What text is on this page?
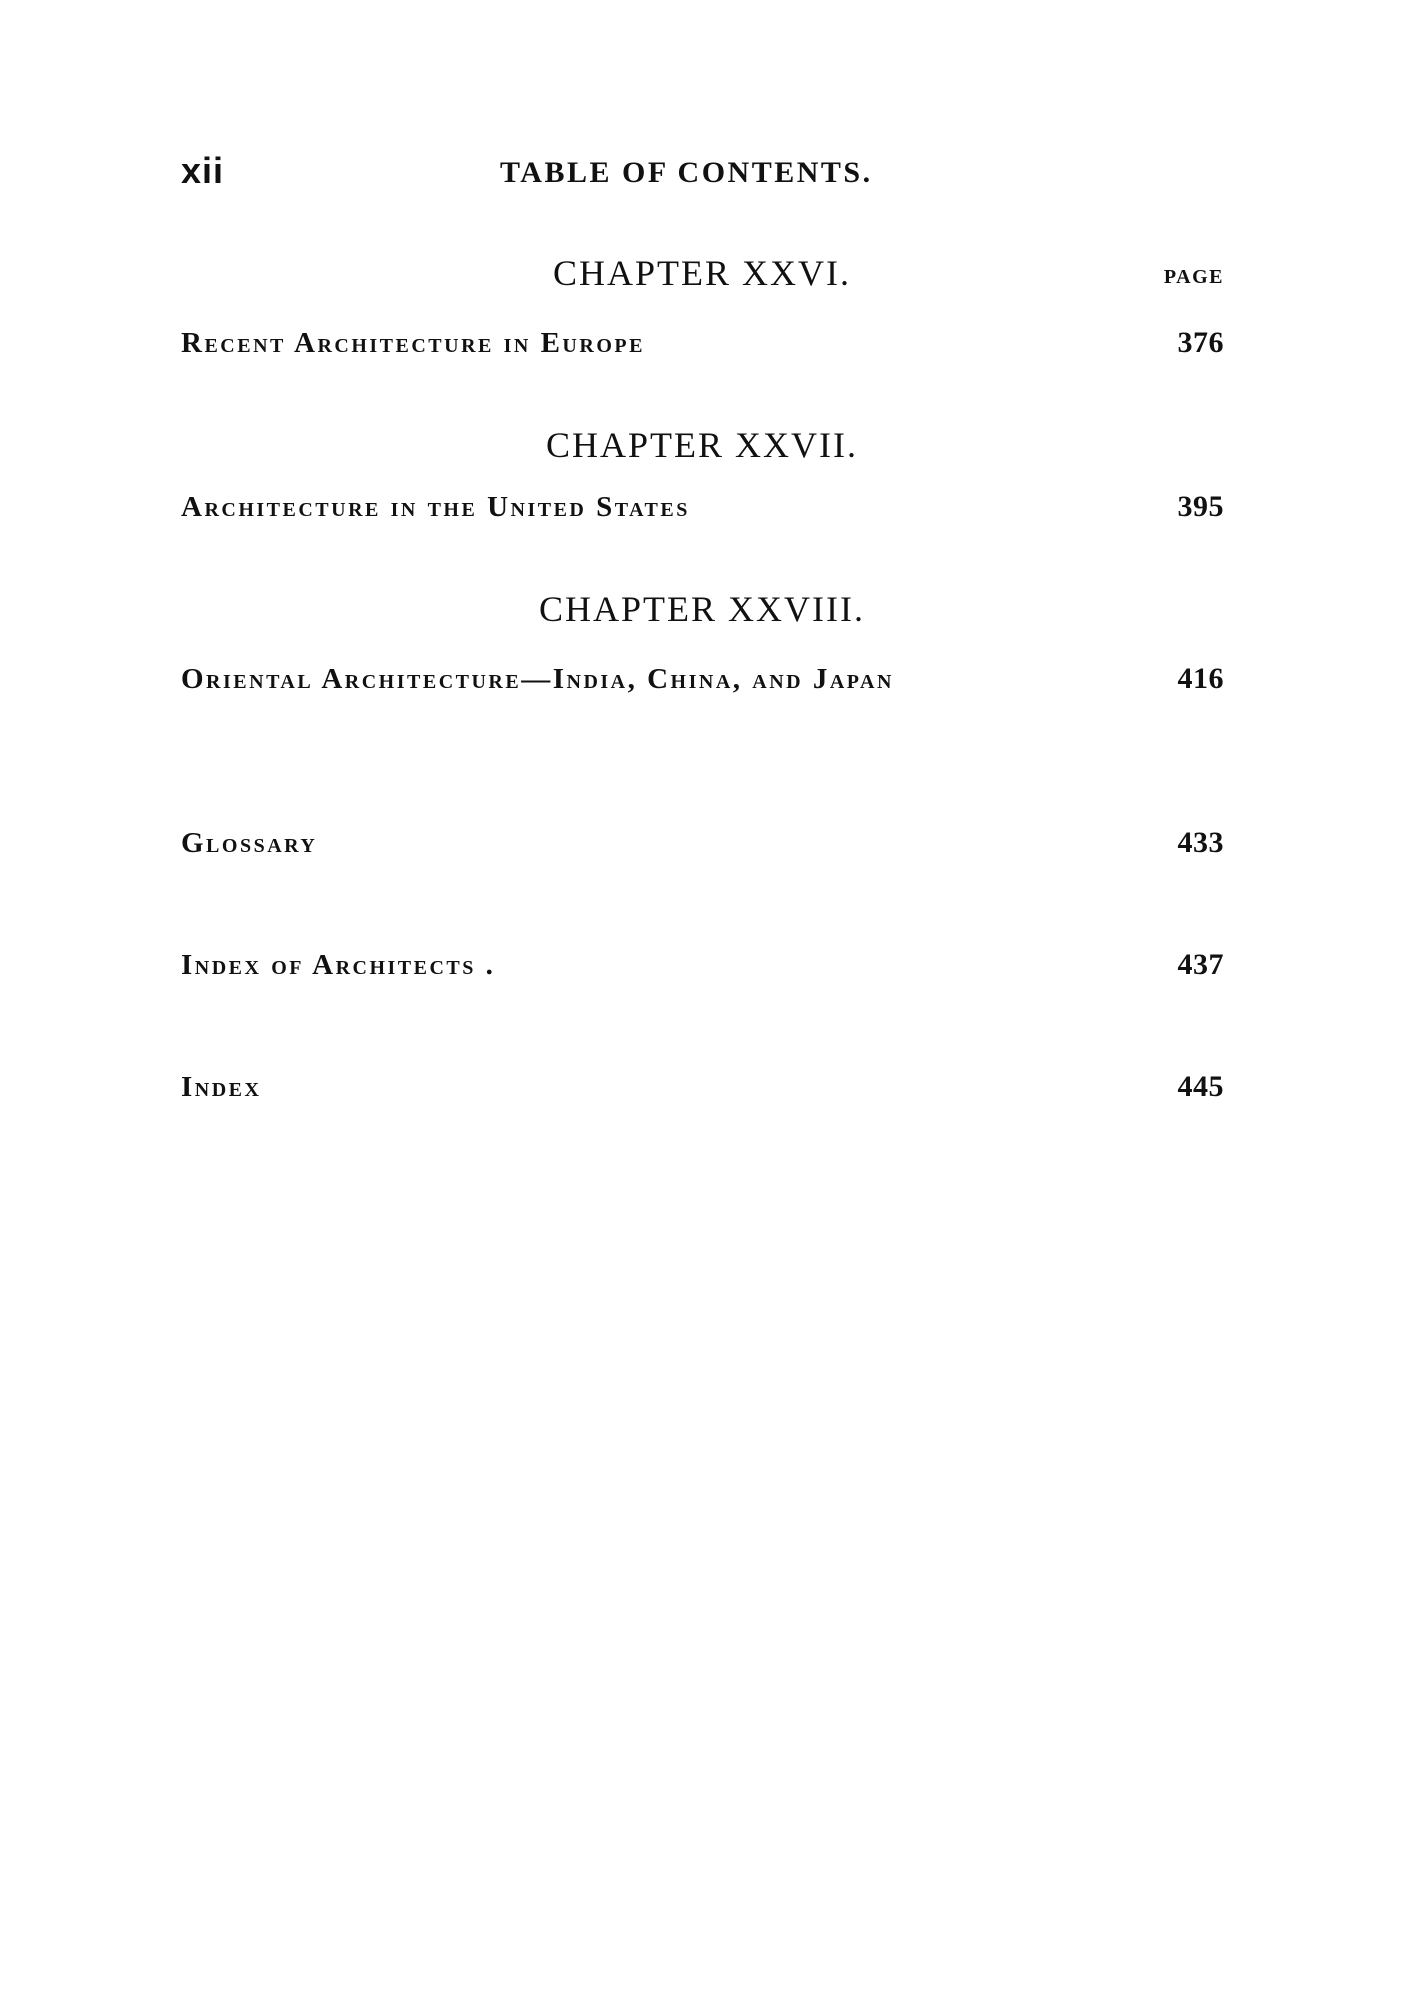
xii	TABLE OF CONTENTS.
CHAPTER XXVI.	PAGE
Recent Architecture in Europe	376
CHAPTER XXVII.
Architecture in the United States	395
CHAPTER XXVIII.
Oriental Architecture—India, China, and Japan	416
Glossary	433
Index of Architects .	437
Index	445
